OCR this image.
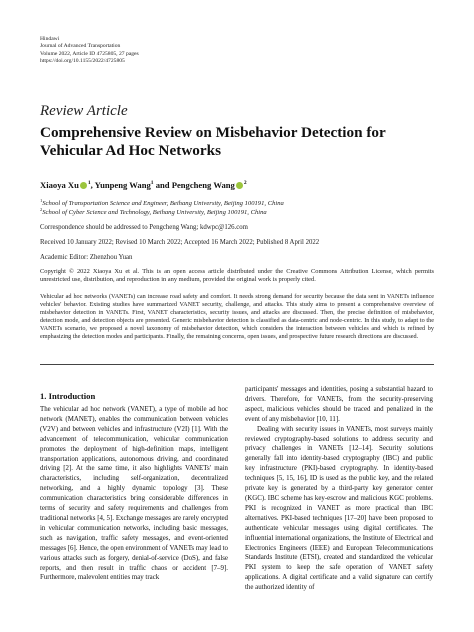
Hindawi
Journal of Advanced Transportation
Volume 2022, Article ID 4725805, 27 pages
https://doi.org/10.1155/2022/4725805
Review Article
Comprehensive Review on Misbehavior Detection for Vehicular Ad Hoc Networks
Xiaoya Xu $^1$, Yunpeng Wang$^1$ and Pengcheng Wang $^2$
$^1$School of Transportation Science and Engineer, Beihang University, Beijing 100191, China
$^2$School of Cyber Science and Technology, Beihang University, Beijing 100191, China
Correspondence should be addressed to Pengcheng Wang; kdwpc@126.com
Received 10 January 2022; Revised 10 March 2022; Accepted 16 March 2022; Published 8 April 2022
Academic Editor: Zhenzhou Yuan
Copyright © 2022 Xiaoya Xu et al. This is an open access article distributed under the Creative Commons Attribution License, which permits unrestricted use, distribution, and reproduction in any medium, provided the original work is properly cited.
Vehicular ad hoc networks (VANETs) can increase road safety and comfort. It needs strong demand for security because the data sent in VANETs influence vehicles' behavior. Existing studies have summarized VANET security, challenge, and attacks. This study aims to present a comprehensive overview of misbehavior detection in VANETs. First, VANET characteristics, security issues, and attacks are discussed. Then, the precise definition of misbehavior, detection mode, and detection objects are presented. Generic misbehavior detection is classified as data-centric and node-centric. In this study, to adapt to the VANETs scenario, we proposed a novel taxonomy of misbehavior detection, which considers the interaction between vehicles and which is refined by emphasizing the detection modes and participants. Finally, the remaining concerns, open issues, and prospective future research directions are discussed.
1. Introduction

The vehicular ad hoc network (VANET), a type of mobile ad hoc network (MANET), enables the communication between vehicles (V2V) and between vehicles and infrastructure (V2I) [1]. With the advancement of telecommunication, vehicular communication promotes the deployment of high-definition maps, intelligent transportation applications, autonomous driving, and coordinated driving [2]. At the same time, it also highlights VANETs' main characteristics, including self-organization, decentralized networking, and a highly dynamic topology [3]. These communication characteristics bring considerable differences in terms of security and safety requirements and challenges from traditional networks [4, 5]. Exchange messages are rarely encrypted in vehicular communication networks, including basic messages, such as navigation, traffic safety messages, and event-oriented messages [6]. Hence, the open environment of VANETs may lead to various attacks such as forgery, denial-of-service (DoS), and false reports, and then result in traffic chaos or accident [7–9]. Furthermore, malevolent entities may track

participants' messages and identities, posing a substantial hazard to drivers. Therefore, for VANETs, from the security-preserving aspect, malicious vehicles should be traced and penalized in the event of any misbehavior [10, 11].

Dealing with security issues in VANETs, most surveys mainly reviewed cryptography-based solutions to address security and privacy challenges in VANETs [12–14]. Security solutions generally fall into identity-based cryptography (IBC) and public key infrastructure (PKI)-based cryptography. In identity-based techniques [5, 15, 16], ID is used as the public key, and the related private key is generated by a third-party key generator center (KGC). IBC scheme has key-escrow and malicious KGC problems. PKI is recognized in VANET as more practical than IBC alternatives. PKI-based techniques [17–20] have been proposed to authenticate vehicular messages using digital certificates. The influential international organizations, the Institute of Electrical and Electronics Engineers (IEEE) and European Telecommunications Standards Institute (ETSI), created and standardized the vehicular PKI system to keep the safe operation of VANET safety applications. A digital certificate and a valid signature can certify the authorized identity of
